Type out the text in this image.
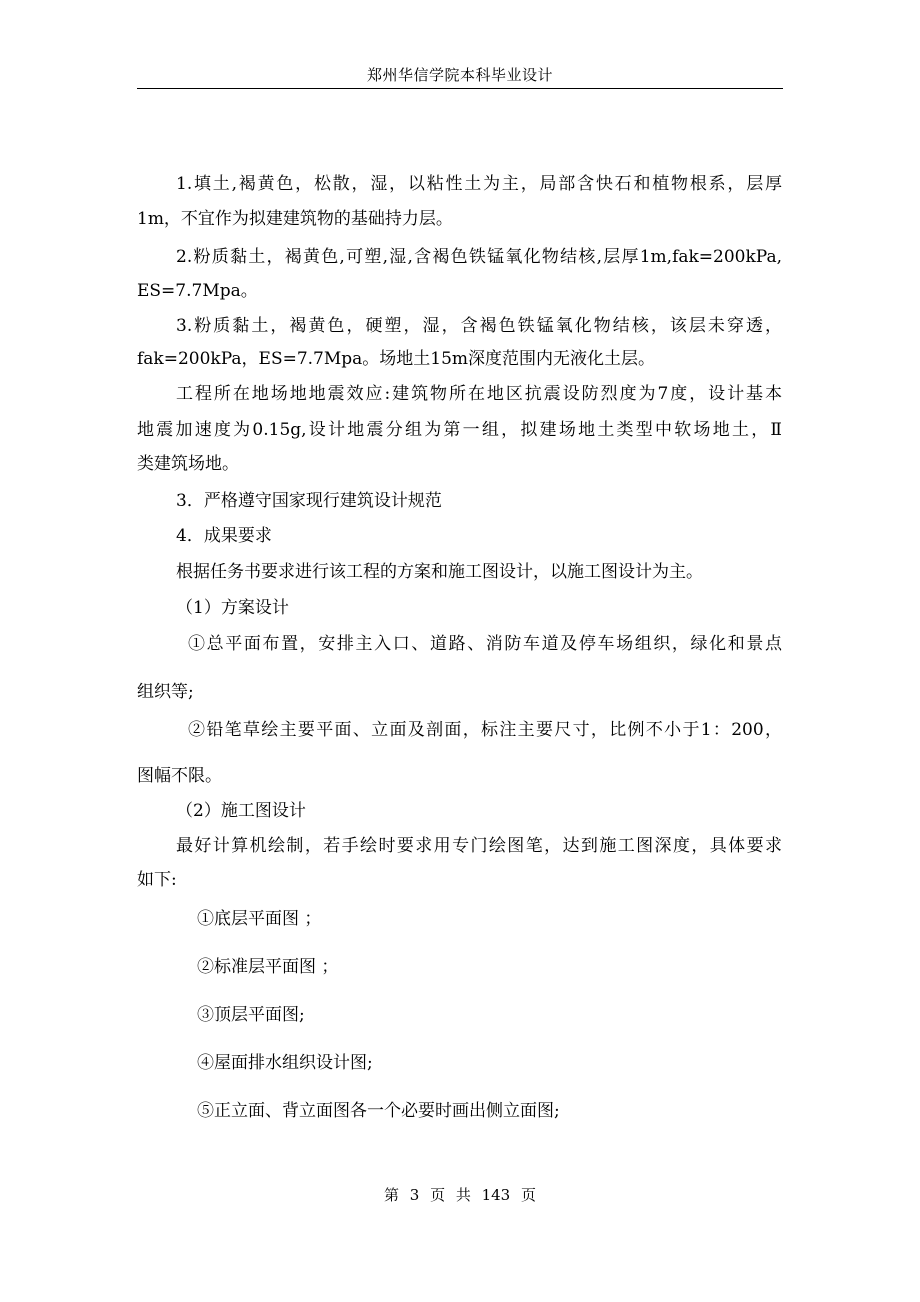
郑州华信学院本科毕业设计
1.填土,褐黄色，松散，湿，以粘性土为主，局部含快石和植物根系，层厚
1m，不宜作为拟建建筑物的基础持力层。
2.粉质黏土，褐黄色,可塑,湿,含褐色铁锰氧化物结核,层厚1m,fak=200kPa,
ES=7.7Mpa。
3.粉质黏土，褐黄色，硬塑，湿，含褐色铁锰氧化物结核，该层未穿透，
fak=200kPa，ES=7.7Mpa。场地土15m深度范围内无液化土层。
工程所在地场地地震效应:建筑物所在地区抗震设防烈度为7度，设计基本
地震加速度为0.15g,设计地震分组为第一组，拟建场地土类型中软场地土，Ⅱ
类建筑场地。
3．严格遵守国家现行建筑设计规范
4．成果要求
根据任务书要求进行该工程的方案和施工图设计，以施工图设计为主。
（1）方案设计
①总平面布置，安排主入口、道路、消防车道及停车场组织，绿化和景点
组织等;
②铅笔草绘主要平面、立面及剖面，标注主要尺寸，比例不小于1：200，
图幅不限。
（2）施工图设计
最好计算机绘制，若手绘时要求用专门绘图笔，达到施工图深度，具体要求
如下:
①底层平面图 ；
②标准层平面图 ；
③顶层平面图;
④屋面排水组织设计图;
⑤正立面、背立面图各一个必要时画出侧立面图;
第 3 页 共 143 页
